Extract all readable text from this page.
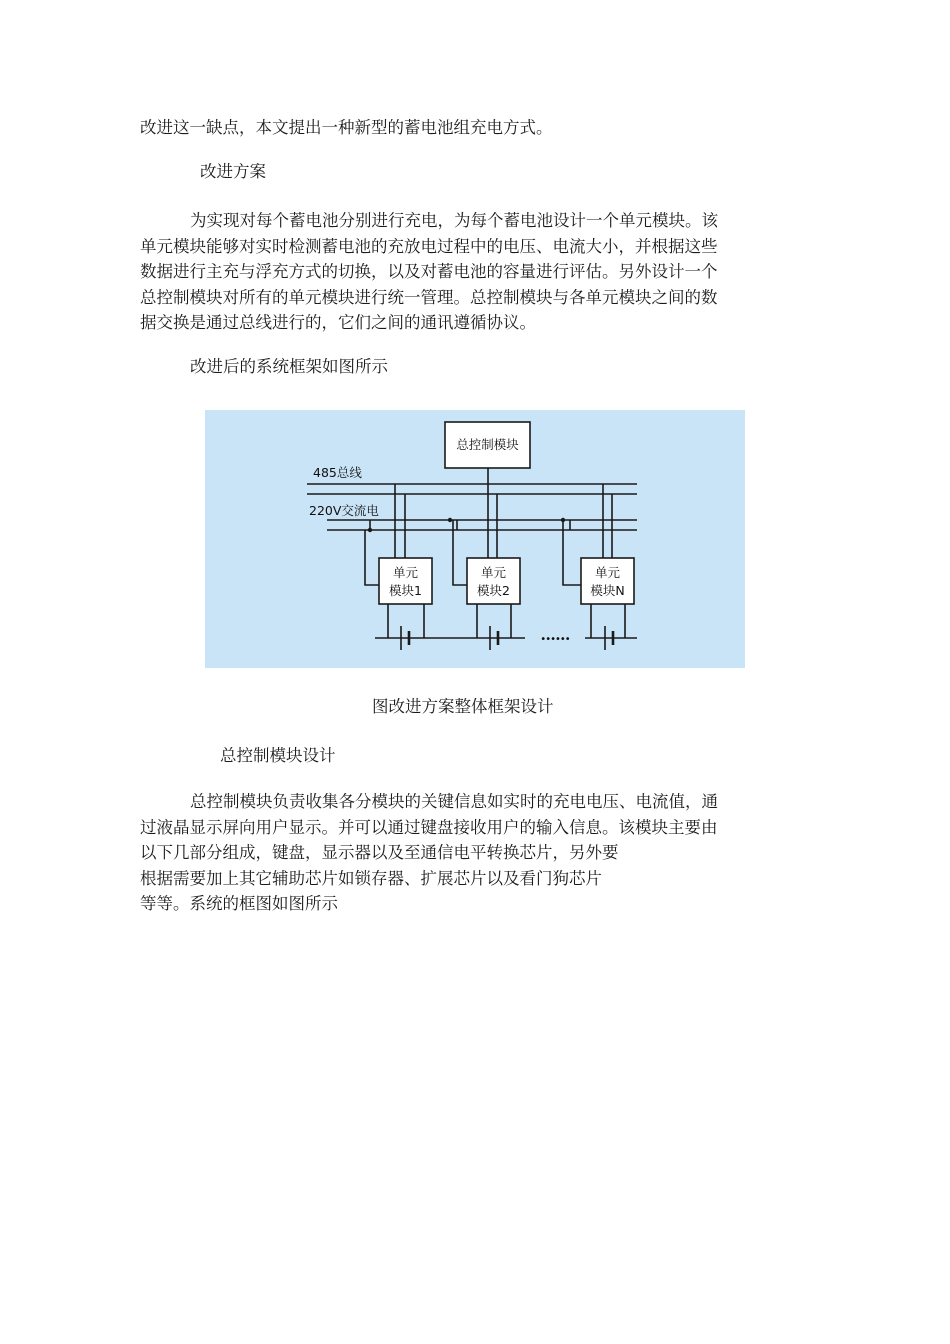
改进这一缺点，本文提出一种新型的蓄电池组充电方式。

改进方案

为实现对每个蓄电池分别进行充电，为每个蓄电池设计一个单元模块。该
单元模块能够对实时检测蓄电池的充放电过程中的电压、电流大小，并根据这些
数据进行主充与浮充方式的切换，以及对蓄电池的容量进行评估。另外设计一个
总控制模块对所有的单元模块进行统一管理。总控制模块与各单元模块之间的数
据交换是通过总线进行的，它们之间的通讯遵循协议。

改进后的系统框架如图所示

总控制模块
485总线
220V交流电
单元
模块1
单元
模块2
单元
模块N
••••••

图改进方案整体框架设计

总控制模块设计

总控制模块负责收集各分模块的关键信息如实时的充电电压、电流值，通
过液晶显示屏向用户显示。并可以通过键盘接收用户的输入信息。该模块主要由
以下几部分组成，键盘，显示器以及至通信电平转换芯片，另外要
根据需要加上其它辅助芯片如锁存器、扩展芯片以及看门狗芯片
等等。系统的框图如图所示
